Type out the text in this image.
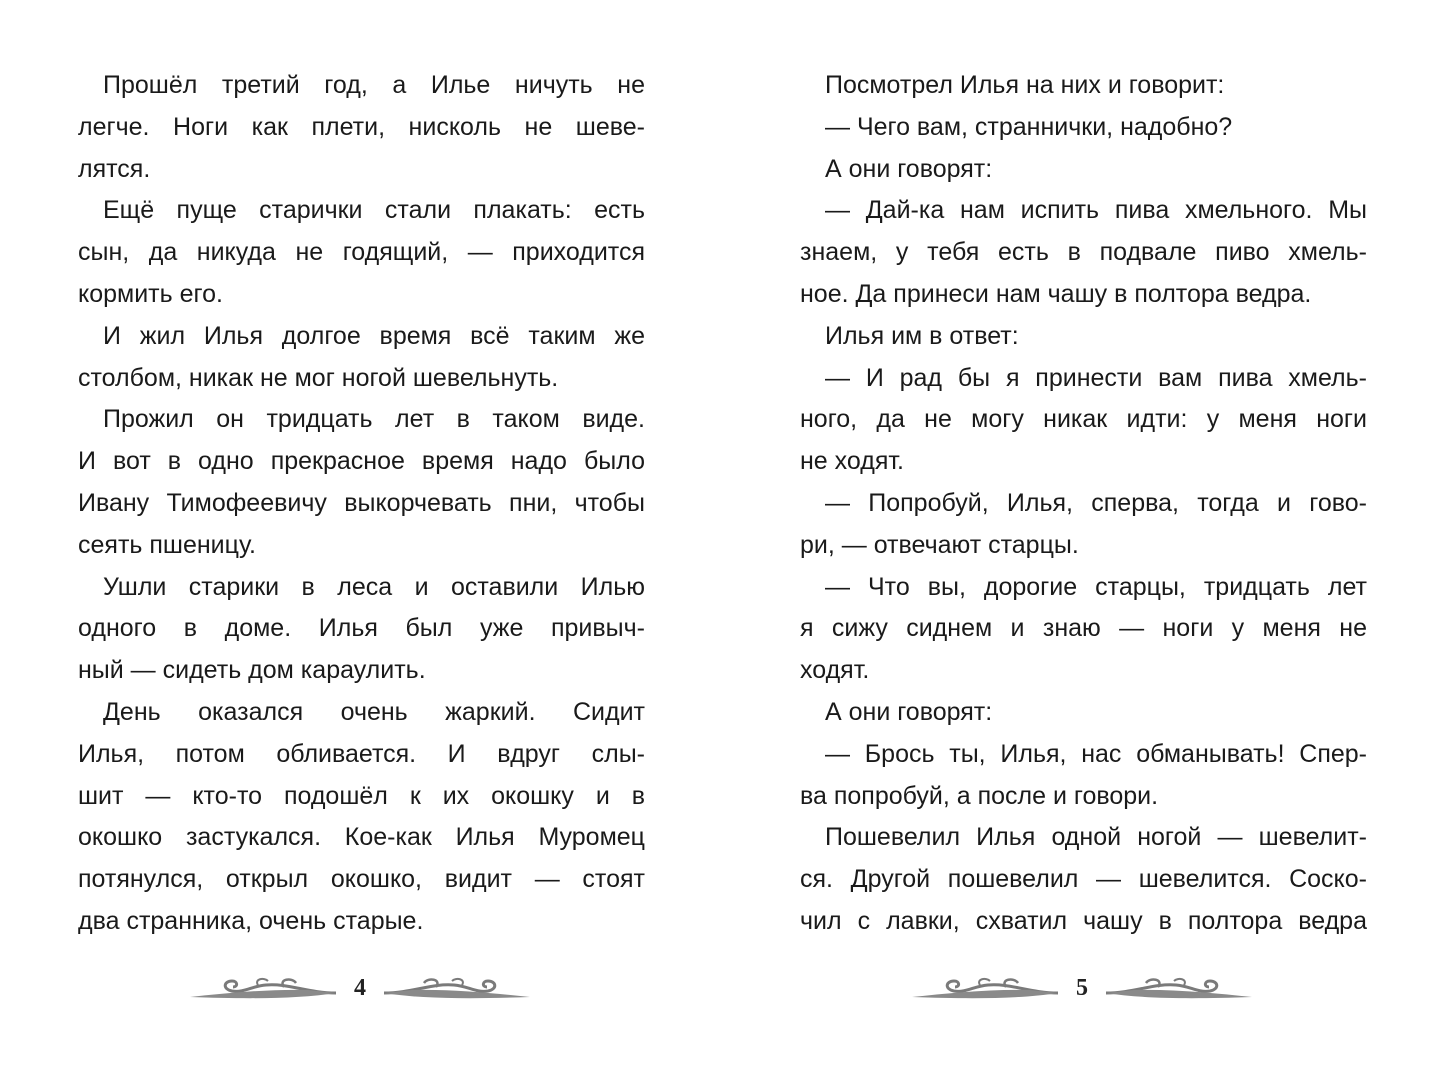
Прошёл третий год, а Илье ничуть не
легче. Ноги как плети, нисколь не шеве-
лятся.
Ещё пуще старички стали плакать: есть
сын, да никуда не годящий, — приходится
кормить его.
И жил Илья долгое время всё таким же
столбом, никак не мог ногой шевельнуть.
Прожил он тридцать лет в таком виде.
И вот в одно прекрасное время надо было
Ивану Тимофеевичу выкорчевать пни, чтобы
сеять пшеницу.
Ушли старики в леса и оставили Илью
одного в доме. Илья был уже привыч-
ный — сидеть дом караулить.
День оказался очень жаркий. Сидит
Илья, потом обливается. И вдруг слы-
шит — кто-то подошёл к их окошку и в
окошко застукался. Кое-как Илья Муромец
потянулся, открыл окошко, видит — стоят
два странника, очень старые.
4
Посмотрел Илья на них и говорит:
— Чего вам, страннички, надобно?
А они говорят:
— Дай-ка нам испить пива хмельного. Мы
знаем, у тебя есть в подвале пиво хмель-
ное. Да принеси нам чашу в полтора ведра.
Илья им в ответ:
— И рад бы я принести вам пива хмель-
ного, да не могу никак идти: у меня ноги
не ходят.
— Попробуй, Илья, сперва, тогда и гово-
ри, — отвечают старцы.
— Что вы, дорогие старцы, тридцать лет
я сижу сиднем и знаю — ноги у меня не
ходят.
А они говорят:
— Брось ты, Илья, нас обманывать! Спер-
ва попробуй, а после и говори.
Пошевелил Илья одной ногой — шевелит-
ся. Другой пошевелил — шевелится. Соско-
чил с лавки, схватил чашу в полтора ведра
5
